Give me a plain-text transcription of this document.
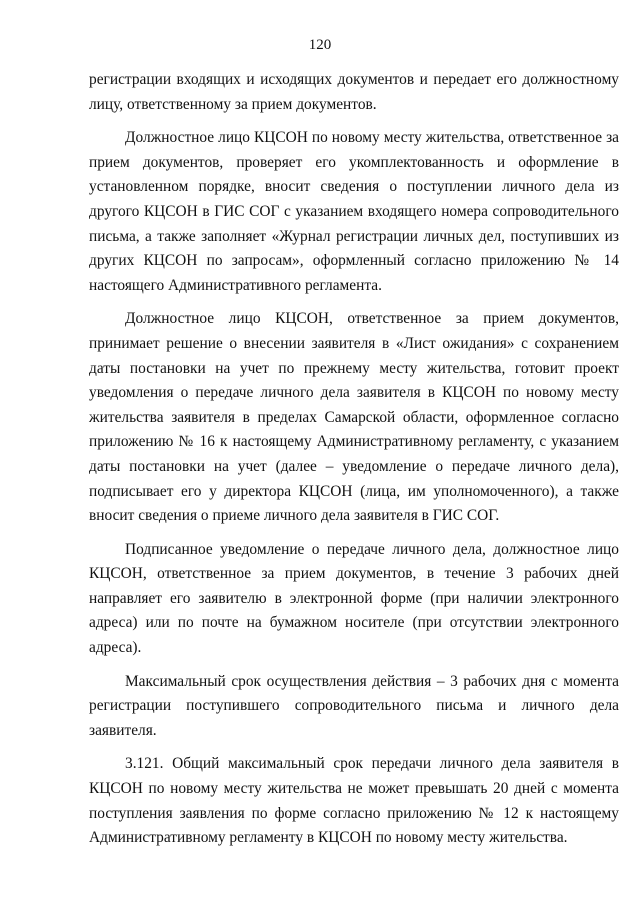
120

регистрации входящих и исходящих документов и передает его должностному лицу, ответственному за прием документов.

Должностное лицо КЦСОН по новому месту жительства, ответственное за прием документов, проверяет его укомплектованность и оформление в установленном порядке, вносит сведения о поступлении личного дела из другого КЦСОН в ГИС СОГ с указанием входящего номера сопроводительного письма, а также заполняет «Журнал регистрации личных дел, поступивших из других КЦСОН по запросам», оформленный согласно приложению № 14 настоящего Административного регламента.

Должностное лицо КЦСОН, ответственное за прием документов, принимает решение о внесении заявителя в «Лист ожидания» с сохранением даты постановки на учет по прежнему месту жительства, готовит проект уведомления о передаче личного дела заявителя в КЦСОН по новому месту жительства заявителя в пределах Самарской области, оформленное согласно приложению № 16 к настоящему Административному регламенту, с указанием даты постановки на учет (далее – уведомление о передаче личного дела), подписывает его у директора КЦСОН (лица, им уполномоченного), а также вносит сведения о приеме личного дела заявителя в ГИС СОГ.

Подписанное уведомление о передаче личного дела, должностное лицо КЦСОН, ответственное за прием документов, в течение 3 рабочих дней направляет его заявителю в электронной форме (при наличии электронного адреса) или по почте на бумажном носителе (при отсутствии электронного адреса).

Максимальный срок осуществления действия – 3 рабочих дня с момента регистрации поступившего сопроводительного письма и личного дела заявителя.

3.121. Общий максимальный срок передачи личного дела заявителя в КЦСОН по новому месту жительства не может превышать 20 дней с момента поступления заявления по форме согласно приложению № 12 к настоящему Административному регламенту в КЦСОН по новому месту жительства.
